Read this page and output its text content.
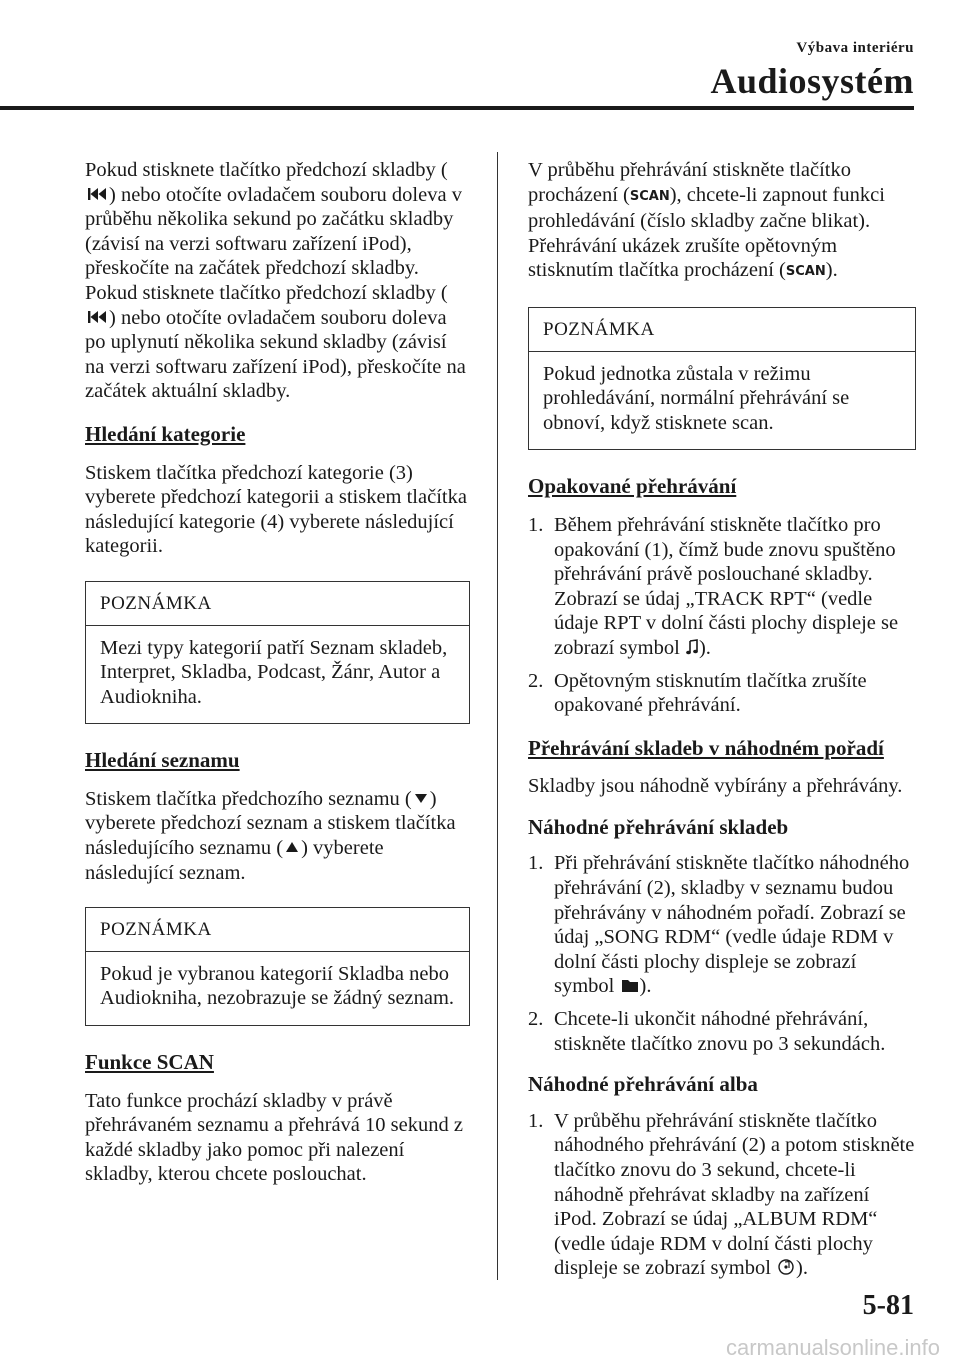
Výbava interiéru
Audiosystém

Pokud stisknete tlačítko předchozí skladby (
) nebo otočíte ovladačem souboru doleva v průběhu několika sekund po začátku skladby (závisí na verzi softwaru zařízení iPod), přeskočíte na začátek předchozí skladby.

Pokud stisknete tlačítko předchozí skladby (
) nebo otočíte ovladačem souboru doleva po uplynutí několika sekund skladby (závisí na verzi softwaru zařízení iPod), přeskočíte na začátek aktuální skladby.

Hledání kategorie

Stiskem tlačítka předchozí kategorie (3) vyberete předchozí kategorii a stiskem tlačítka následující kategorie (4) vyberete následující kategorii.

POZNÁMKA
Mezi typy kategorií patří Seznam skladeb, Interpret, Skladba, Podcast, Žánr, Autor a Audiokniha.
Hledání seznamu

Stiskem tlačítka předchozího seznamu ( ) vyberete předchozí seznam a stiskem tlačítka následujícího seznamu ( ) vyberete následující seznam.

POZNÁMKA
Pokud je vybranou kategorií Skladba nebo Audiokniha, nezobrazuje se žádný seznam.
Funkce SCAN

Tato funkce prochází skladby v právě přehrávaném seznamu a přehrává 10 sekund z každé skladby jako pomoc při nalezení skladby, kterou chcete poslouchat.

V průběhu přehrávání stiskněte tlačítko procházení (SCAN), chcete-li zapnout funkci prohledávání (číslo skladby začne blikat). Přehrávání ukázek zrušíte opětovným stisknutím tlačítka procházení (SCAN).

POZNÁMKA
Pokud jednotka zůstala v režimu prohledávání, normální přehrávání se obnoví, když stisknete scan.
Opakované přehrávání
1. Během přehrávání stiskněte tlačítko pro opakování (1), čímž bude znovu spuštěno přehrávání právě poslouchané skladby. Zobrazí se údaj „TRACK RPT“ (vedle údaje RPT v dolní části plochy displeje se zobrazí symbol
).
2. Opětovným stisknutím tlačítka zrušíte opakované přehrávání.
Přehrávání skladeb v náhodném pořadí

Skladby jsou náhodně vybírány a přehrávány.

Náhodné přehrávání skladeb
1. Při přehrávání stiskněte tlačítko náhodného přehrávání (2), skladby v seznamu budou přehrávány v náhodném pořadí. Zobrazí se údaj „SONG RDM“ (vedle údaje RDM v dolní části plochy displeje se zobrazí symbol
).
2. Chcete-li ukončit náhodné přehrávání, stiskněte tlačítko znovu po 3 sekundách.
Náhodné přehrávání alba
1. V průběhu přehrávání stiskněte tlačítko náhodného přehrávání (2) a potom stiskněte tlačítko znovu do 3 sekund, chcete-li náhodně přehrávat skladby na zařízení iPod. Zobrazí se údaj „ALBUM RDM“ (vedle údaje RDM v dolní části plochy displeje se zobrazí symbol
).
5-81
carmanualsonline.info
